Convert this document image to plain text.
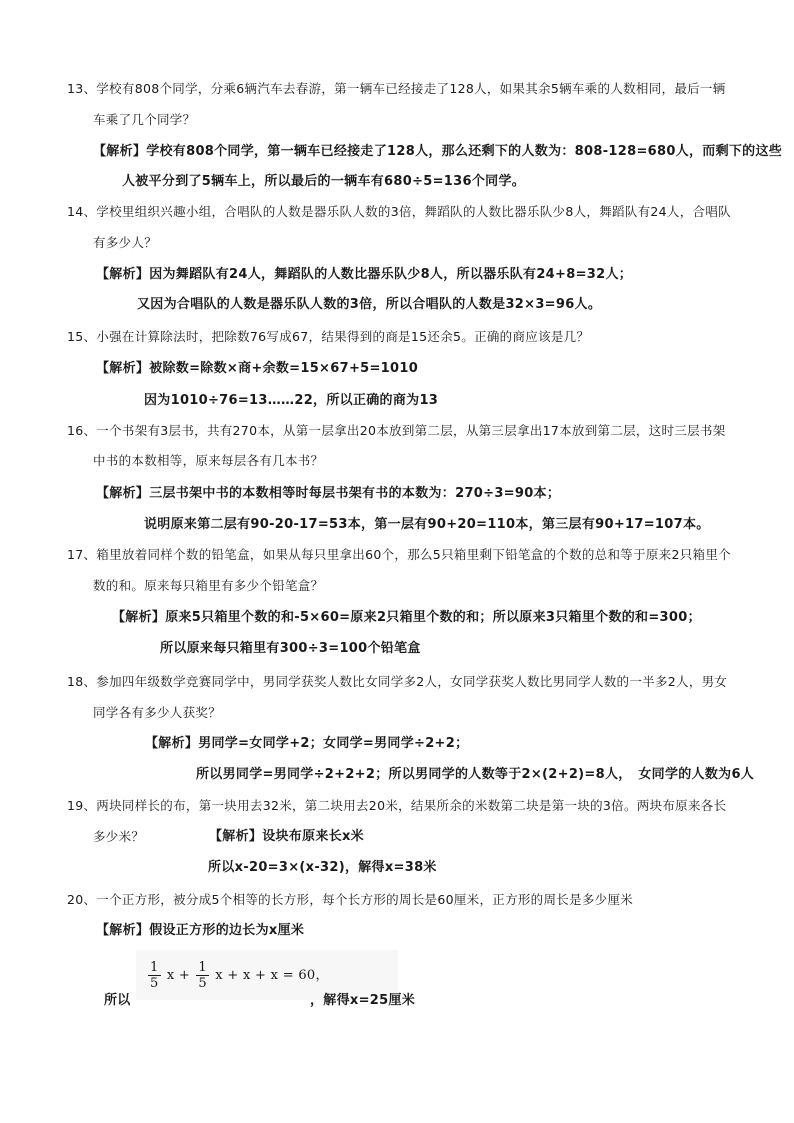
13、学校有808个同学，分乘6辆汽车去春游，第一辆车已经接走了128人，如果其余5辆车乘的人数相同，最后一辆
车乘了几个同学？
【解析】学校有808个同学，第一辆车已经接走了128人，那么还剩下的人数为：808-128=680人，而剩下的这些
人被平分到了5辆车上，所以最后的一辆车有680÷5=136个同学。
14、学校里组织兴趣小组，合唱队的人数是器乐队人数的3倍，舞蹈队的人数比器乐队少8人，舞蹈队有24人，合唱队
有多少人？
【解析】因为舞蹈队有24人，舞蹈队的人数比器乐队少8人，所以器乐队有24+8=32人；
又因为合唱队的人数是器乐队人数的3倍，所以合唱队的人数是32×3=96人。
15、小强在计算除法时，把除数76写成67，结果得到的商是15还余5。正确的商应该是几？
【解析】被除数=除数×商+余数=15×67+5=1010
因为1010÷76=13……22，所以正确的商为13
16、一个书架有3层书，共有270本，从第一层拿出20本放到第二层，从第三层拿出17本放到第二层，这时三层书架
中书的本数相等，原来每层各有几本书？
【解析】三层书架中书的本数相等时每层书架有书的本数为：270÷3=90本；
说明原来第二层有90-20-17=53本，第一层有90+20=110本，第三层有90+17=107本。
17、箱里放着同样个数的铅笔盒，如果从每只里拿出60个，那么5只箱里剩下铅笔盒的个数的总和等于原来2只箱里个
数的和。原来每只箱里有多少个铅笔盒？
【解析】原来5只箱里个数的和-5×60=原来2只箱里个数的和；所以原来3只箱里个数的和=300；
所以原来每只箱里有300÷3=100个铅笔盒
18、参加四年级数学竞赛同学中，男同学获奖人数比女同学多2人，女同学获奖人数比男同学人数的一半多2人，男女
同学各有多少人获奖？
【解析】男同学=女同学+2；女同学=男同学÷2+2；
所以男同学=男同学÷2+2+2；所以男同学的人数等于2×(2+2)=8人，　女同学的人数为6人
19、两块同样长的布，第一块用去32米，第二块用去20米，结果所余的米数第二块是第一块的3倍。两块布原来各长
多少米？	【解析】设块布原来长x米
所以x-20=3×(x-32)，解得x=38米
20、一个正方形，被分成5个相等的长方形，每个长方形的周长是60厘米，正方形的周长是多少厘米
【解析】假设正方形的边长为x厘米
$\frac{1}{5}$ $x + \frac{1}{5}$ x + x + x = 60，
所以	，解得x=25厘米
